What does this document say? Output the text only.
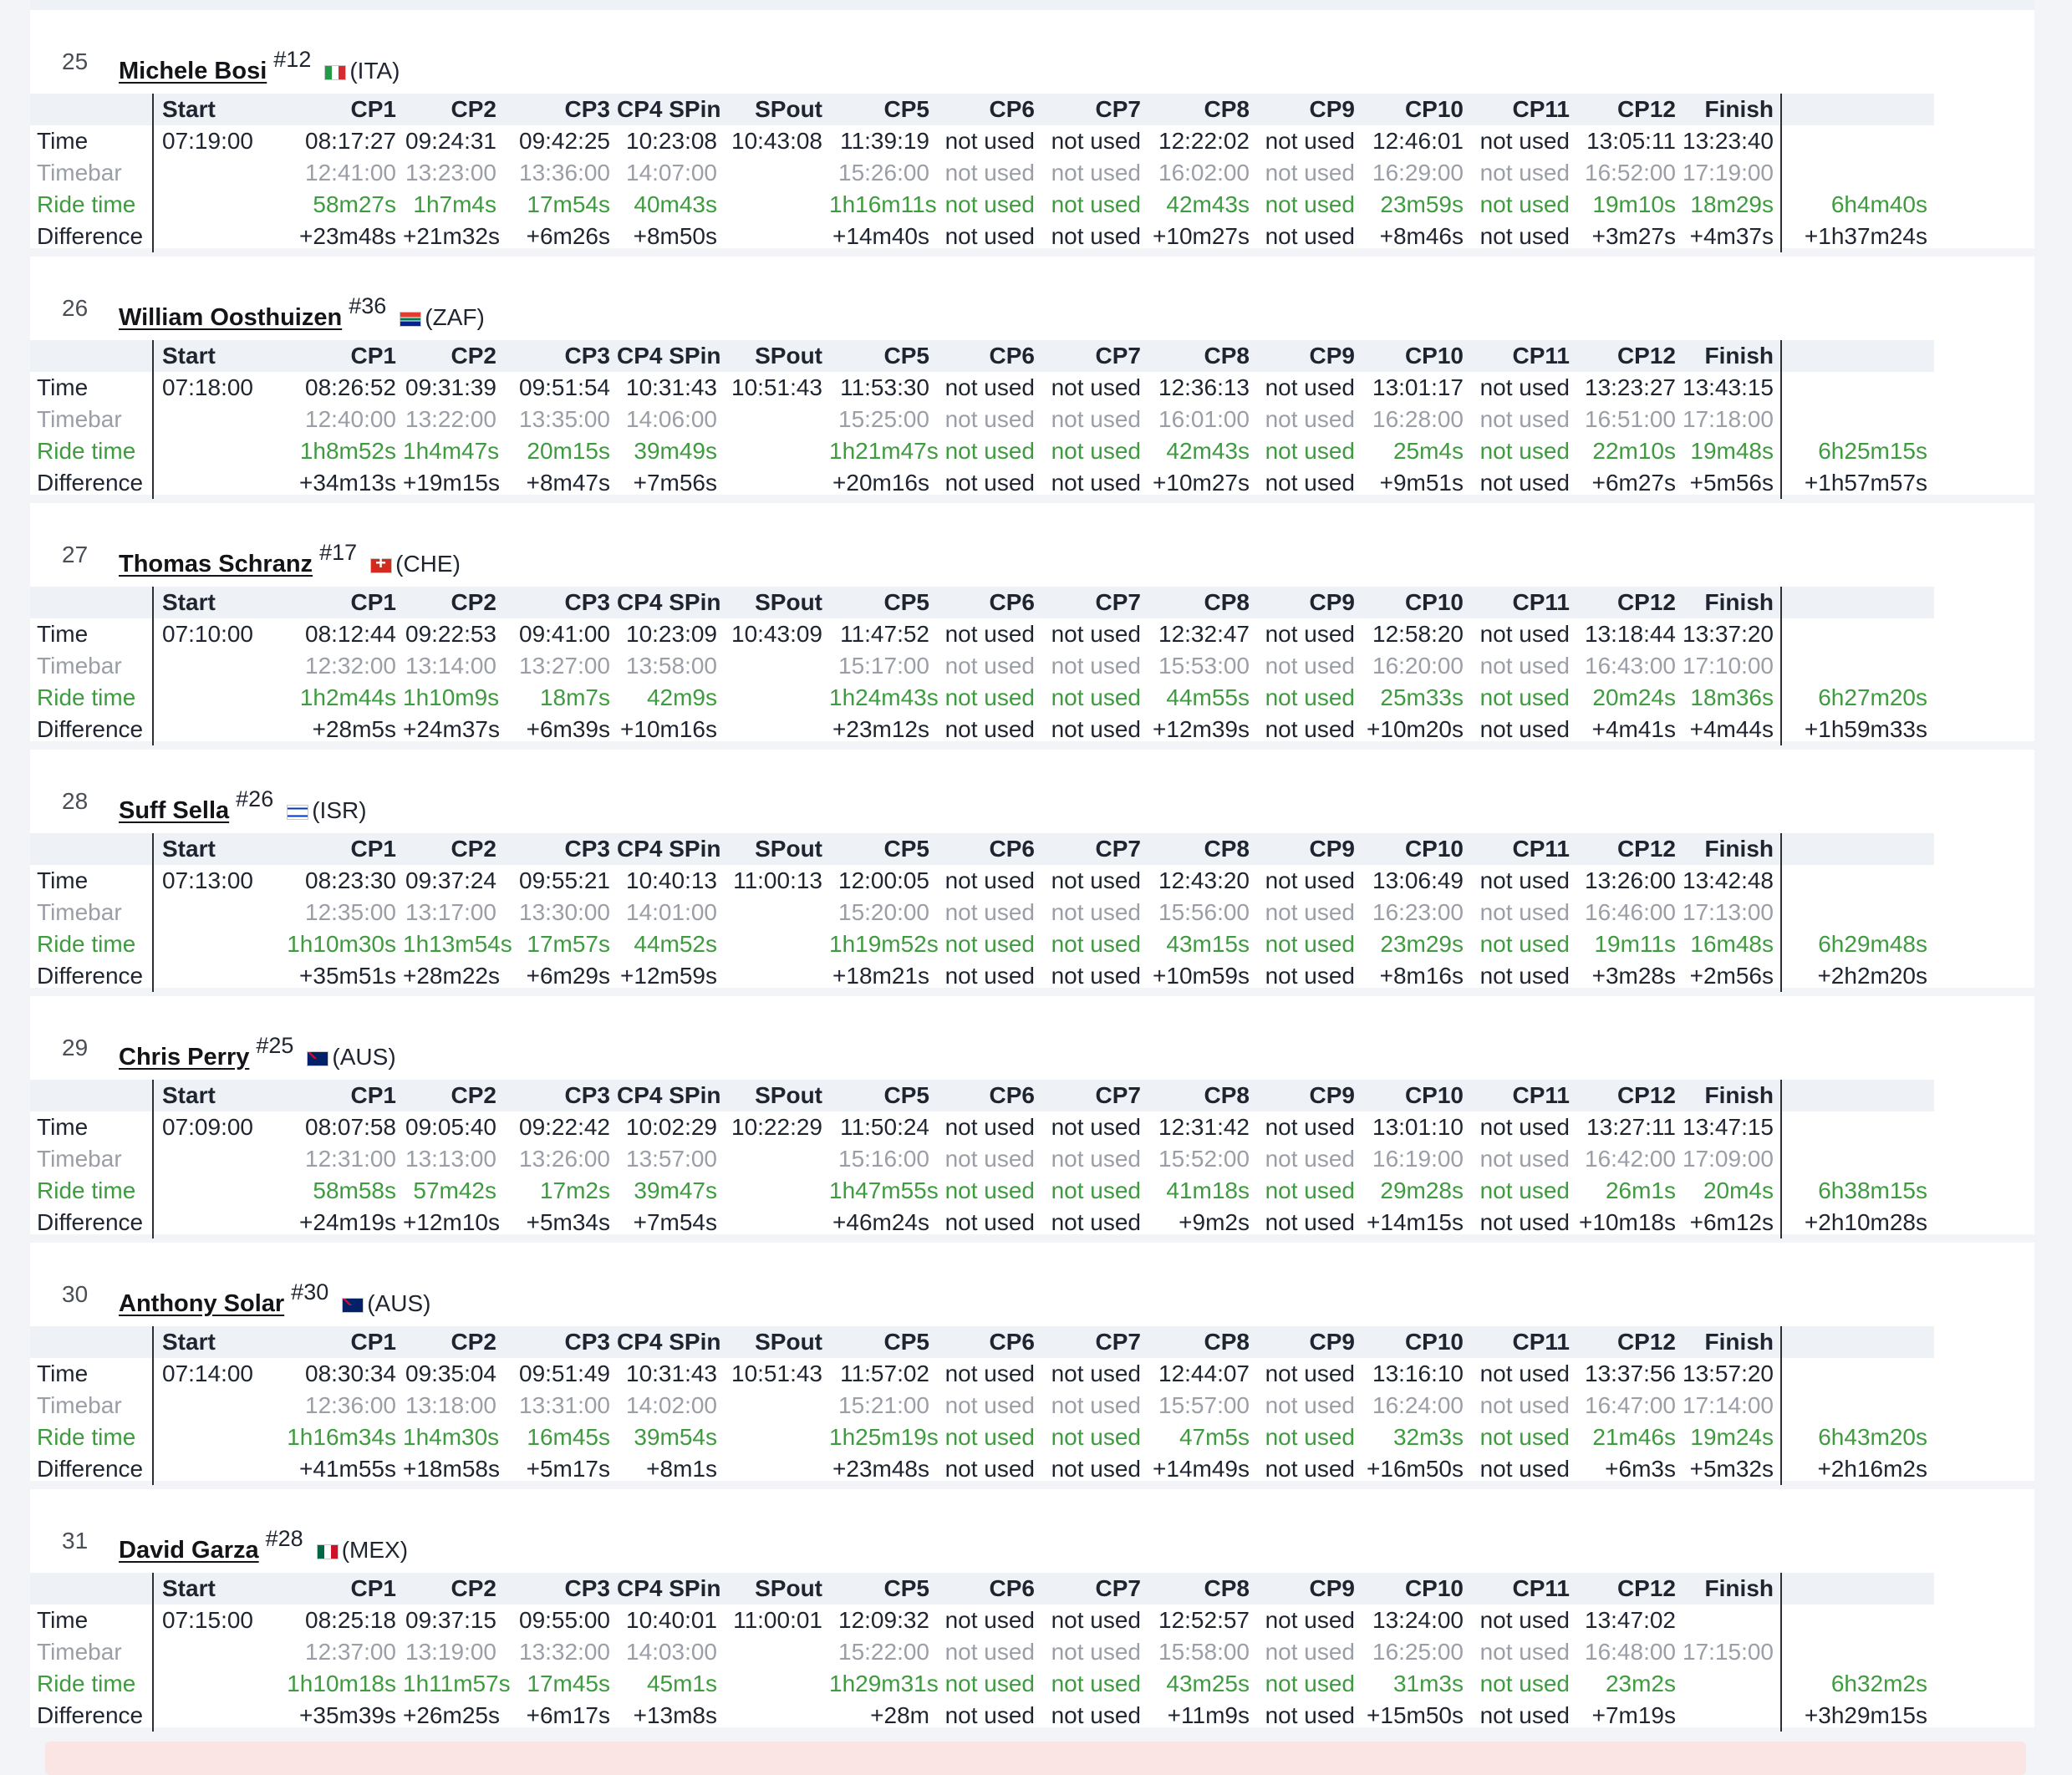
25 Michele Bosi #12 (ITA)
Start	CP1	CP2	CP3 CP4 SPin	SPout	CP5	CP6	CP7	CP8	CP9	CP10	CP11	CP12	Finish
Time	07:19:00	08:17:27 09:24:31 09:42:25 10:23:08 10:43:08 11:39:19 not used not used 12:22:02 not used 12:46:01 not used 13:05:11 13:23:40
Timebar	12:41:00 13:23:00 13:36:00 14:07:00	15:26:00 not used not used 16:02:00 not used 16:29:00 not used 16:52:00 17:19:00
Ride time	58m27s 1h7m4s	17m54s	40m43s	1h16m11s not used not used	42m43s not used	23m59s not used 19m10s 18m29s	6h4m40s
Difference	+23m48s +21m32s	+6m26s +8m50s	+14m40s not used not used +10m27s not used	+8m46s not used +3m27s +4m37s	+1h37m24s
26 William Oosthuizen #36 (ZAF)
Start	CP1	CP2	CP3 CP4 SPin	SPout	CP5	CP6	CP7	CP8	CP9	CP10	CP11	CP12	Finish
Time	07:18:00	08:26:52 09:31:39 09:51:54 10:31:43 10:51:43 11:53:30 not used not used 12:36:13 not used 13:01:17 not used 13:23:27 13:43:15
Timebar	12:40:00 13:22:00 13:35:00 14:06:00	15:25:00 not used not used 16:01:00 not used 16:28:00 not used 16:51:00 17:18:00
Ride time	1h8m52s 1h4m47s	20m15s	39m49s	1h21m47s not used not used	42m43s not used	25m4s not used 22m10s 19m48s	6h25m15s
Difference	+34m13s +19m15s	+8m47s +7m56s	+20m16s not used not used +10m27s not used	+9m51s not used +6m27s +5m56s	+1h57m57s
27 Thomas Schranz #17+ (CHE)
Start	CP1	CP2	CP3 CP4 SPin	SPout	CP5	CP6	CP7	CP8	CP9	CP10	CP11	CP12	Finish
Time	07:10:00	08:12:44 09:22:53 09:41:00 10:23:09 10:43:09 11:47:52 not used not used 12:32:47 not used 12:58:20 not used 13:18:44 13:37:20
Timebar	12:32:00 13:14:00 13:27:00 13:58:00	15:17:00 not used not used 15:53:00 not used 16:20:00 not used 16:43:00 17:10:00
Ride time	1h2m44s 1h10m9s	18m7s	42m9s	1h24m43s not used not used	44m55s not used	25m33s not used 20m24s 18m36s	6h27m20s
Difference	+28m5s +24m37s	+6m39s +10m16s	+23m12s not used not used +12m39s not used +10m20s not used +4m41s +4m44s	+1h59m33s
28 Suff Sella #26 (ISR)
Start	CP1	CP2	CP3 CP4 SPin	SPout	CP5	CP6	CP7	CP8	CP9	CP10	CP11	CP12	Finish
Time	07:13:00	08:23:30 09:37:24 09:55:21 10:40:13 11:00:13 12:00:05 not used not used 12:43:20 not used 13:06:49 not used 13:26:00 13:42:48
Timebar	12:35:00 13:17:00 13:30:00 14:01:00	15:20:00 not used not used 15:56:00 not used 16:23:00 not used 16:46:00 17:13:00
Ride time	1h10m30s 1h13m54s 17m57s	44m52s	1h19m52s not used not used	43m15s not used	23m29s not used	19m11s 16m48s	6h29m48s
Difference	+35m51s +28m22s	+6m29s +12m59s	+18m21s not used not used +10m59s not used	+8m16s not used +3m28s +2m56s	+2h2m20s
29 Chris Perry #25 (AUS)
Start	CP1	CP2	CP3 CP4 SPin	SPout	CP5	CP6	CP7	CP8	CP9	CP10	CP11	CP12	Finish
Time	07:09:00	08:07:58 09:05:40 09:22:42 10:02:29 10:22:29 11:50:24 not used not used 12:31:42 not used 13:01:10 not used 13:27:11 13:47:15
Timebar	12:31:00 13:13:00 13:26:00 13:57:00	15:16:00 not used not used 15:52:00 not used 16:19:00 not used 16:42:00 17:09:00
Ride time	58m58s 57m42s	17m2s	39m47s	1h47m55s not used not used	41m18s not used	29m28s not used	26m1s	20m4s	6h38m15s
Difference	+24m19s +12m10s	+5m34s +7m54s	+46m24s not used not used	+9m2s not used +14m15s not used +10m18s +6m12s	+2h10m28s
30 Anthony Solar #30 (AUS)
Start	CP1	CP2	CP3 CP4 SPin	SPout	CP5	CP6	CP7	CP8	CP9	CP10	CP11	CP12	Finish
Time	07:14:00	08:30:34 09:35:04 09:51:49 10:31:43 10:51:43 11:57:02 not used not used 12:44:07 not used 13:16:10 not used 13:37:56 13:57:20
Timebar	12:36:00 13:18:00 13:31:00 14:02:00	15:21:00 not used not used 15:57:00 not used 16:24:00 not used 16:47:00 17:14:00
Ride time	1h16m34s 1h4m30s	16m45s	39m54s	1h25m19s not used not used	47m5s not used	32m3s not used 21m46s 19m24s	6h43m20s
Difference	+41m55s +18m58s	+5m17s	+8m1s	+23m48s not used not used +14m49s not used +16m50s not used	+6m3s +5m32s	+2h16m2s
31 David Garza #28 (MEX)
Start	CP1	CP2	CP3 CP4 SPin	SPout	CP5	CP6	CP7	CP8	CP9	CP10	CP11	CP12	Finish
Time	07:15:00	08:25:18 09:37:15 09:55:00 10:40:01 11:00:01 12:09:32 not used not used 12:52:57 not used 13:24:00 not used 13:47:02
Timebar	12:37:00 13:19:00 13:32:00 14:03:00	15:22:00 not used not used 15:58:00 not used 16:25:00 not used 16:48:00 17:15:00
Ride time	1h10m18s 1h11m57s 17m45s	45m1s	1h29m31s not used not used	43m25s not used	31m3s not used	23m2s	6h32m2s
Difference	+35m39s +26m25s	+6m17s +13m8s	+28m not used not used	+11m9s not used +15m50s not used +7m19s	+3h29m15s
